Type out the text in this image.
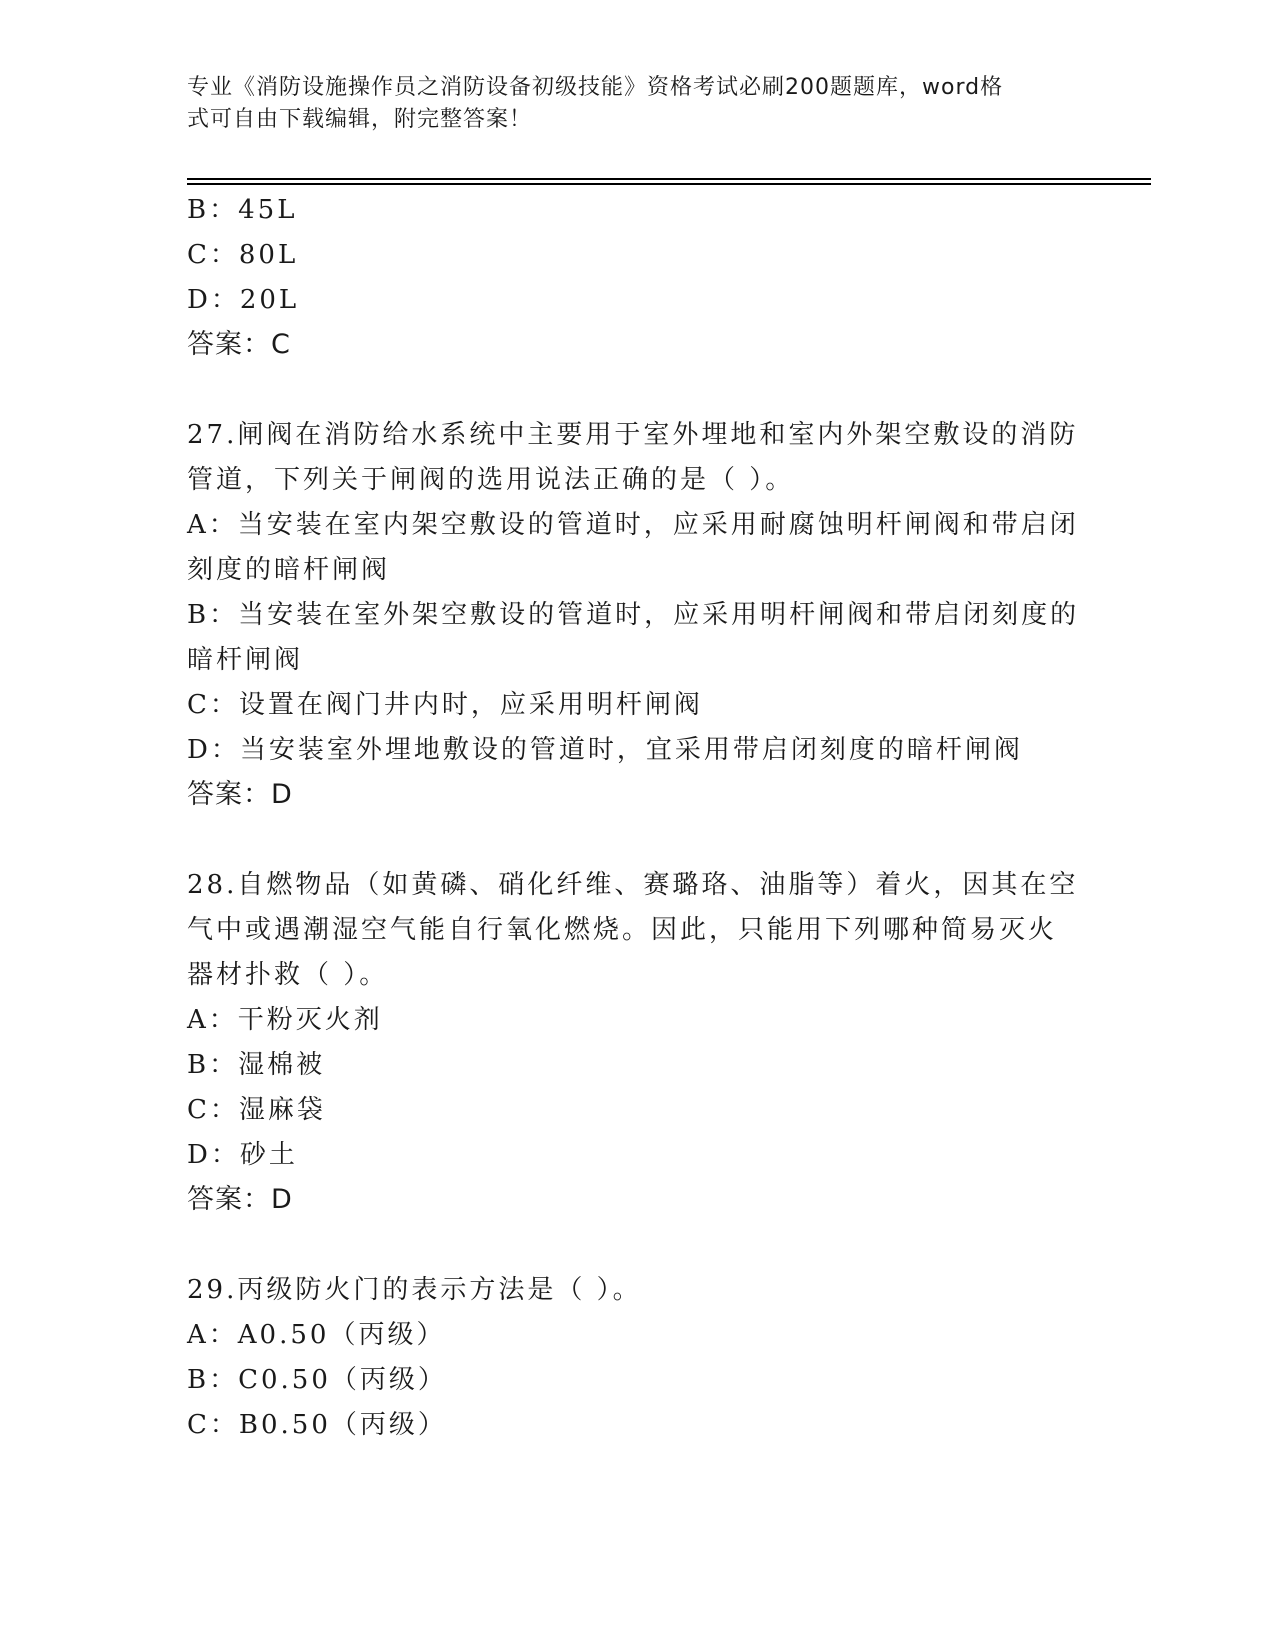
专业《消防设施操作员之消防设备初级技能》资格考试必刷200题题库，word格
式可自由下载编辑，附完整答案！
B：45L
C：80L
D：20L
答案：C
27.闸阀在消防给水系统中主要用于室外埋地和室内外架空敷设的消防
管道，下列关于闸阀的选用说法正确的是（ ）。
A：当安装在室内架空敷设的管道时，应采用耐腐蚀明杆闸阀和带启闭
刻度的暗杆闸阀
B：当安装在室外架空敷设的管道时，应采用明杆闸阀和带启闭刻度的
暗杆闸阀
C：设置在阀门井内时，应采用明杆闸阀
D：当安装室外埋地敷设的管道时，宜采用带启闭刻度的暗杆闸阀
答案：D
28.自燃物品（如黄磷、硝化纤维、赛璐珞、油脂等）着火，因其在空
气中或遇潮湿空气能自行氧化燃烧。因此，只能用下列哪种简易灭火
器材扑救（ ）。
A：干粉灭火剂
B：湿棉被
C：湿麻袋
D：砂土
答案：D
29.丙级防火门的表示方法是（ ）。
A：A0.50（丙级）
B：C0.50（丙级）
C：B0.50（丙级）
